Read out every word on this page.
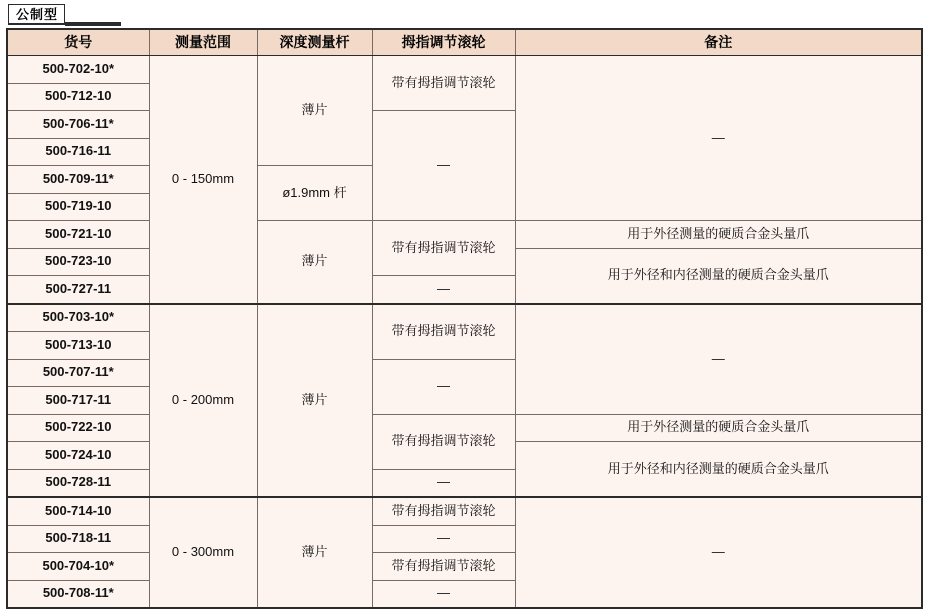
公制型
货号	测量范围	深度测量杆	拇指调节滚轮	备注
500-702-10*	0 - 150mm	薄片	带有拇指调节滚轮	—
500-712-10				
500-706-11*			—	
500-716-11				
500-709-11*		ø1.9mm 杆		
500-719-10				
500-721-10		薄片	带有拇指调节滚轮	用于外径测量的硬质合金头量爪
500-723-10				用于外径和内径测量的硬质合金头量爪
500-727-11			—	
500-703-10*	0 - 200mm	薄片	带有拇指调节滚轮	—
500-713-10				
500-707-11*			—	
500-717-11				
500-722-10			带有拇指调节滚轮	用于外径测量的硬质合金头量爪
500-724-10				用于外径和内径测量的硬质合金头量爪
500-728-11			—	
500-714-10	0 - 300mm	薄片	带有拇指调节滚轮	—
500-718-11			—	
500-704-10*			带有拇指调节滚轮	
500-708-11*			—	
